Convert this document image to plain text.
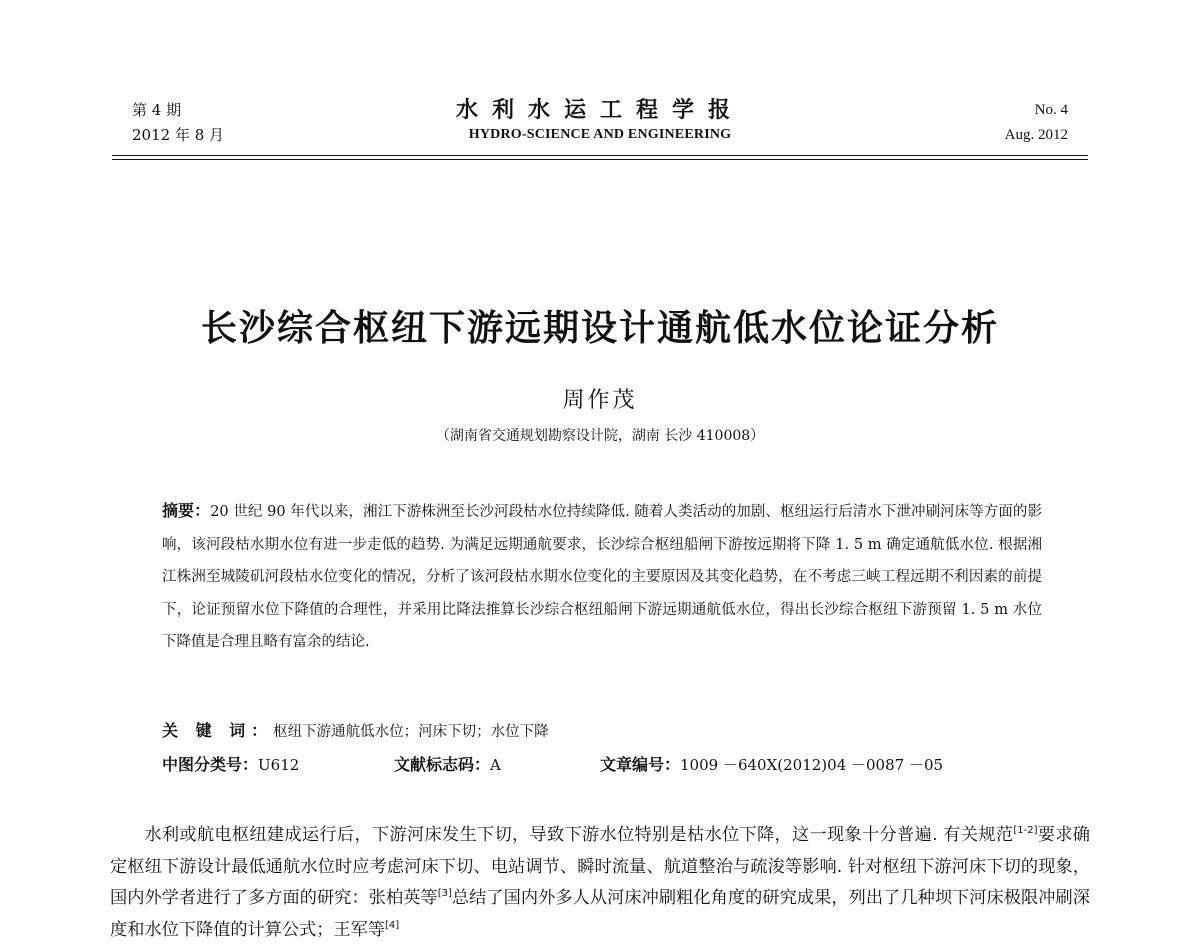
第 4 期
2012 年 8 月
水利水运工程学报
HYDRO-SCIENCE AND ENGINEERING
No. 4
Aug. 2012
长沙综合枢纽下游远期设计通航低水位论证分析
周作茂
（湖南省交通规划勘察设计院，湖南 长沙 410008）
摘要：20 世纪 90 年代以来，湘江下游株洲至长沙河段枯水位持续降低. 随着人类活动的加剧、枢纽运行后清水下泄冲刷河床等方面的影响，该河段枯水期水位有进一步走低的趋势. 为满足远期通航要求，长沙综合枢纽船闸下游按远期将下降 1. 5 m 确定通航低水位. 根据湘江株洲至城陵矶河段枯水位变化的情况，分析了该河段枯水期水位变化的主要原因及其变化趋势，在不考虑三峡工程远期不利因素的前提下，论证预留水位下降值的合理性，并采用比降法推算长沙综合枢纽船闸下游远期通航低水位，得出长沙综合枢纽下游预留 1. 5 m 水位下降值是合理且略有富余的结论.
关 键 词：枢纽下游通航低水位；河床下切；水位下降
中图分类号：U612	文献标志码：A	文章编号：1009 －640X(2012)04 －0087 －05

水利或航电枢纽建成运行后，下游河床发生下切，导致下游水位特别是枯水位下降，这一现象十分普遍. 有关规范[1-2]要求确定枢纽下游设计最低通航水位时应考虑河床下切、电站调节、瞬时流量、航道整治与疏浚等影响. 针对枢纽下游河床下切的现象，国内外学者进行了多方面的研究：张柏英等[3]总结了国内外多人从河床冲刷粗化角度的研究成果，列出了几种坝下河床极限冲刷深度和水位下降值的计算公式；王军等[4]
